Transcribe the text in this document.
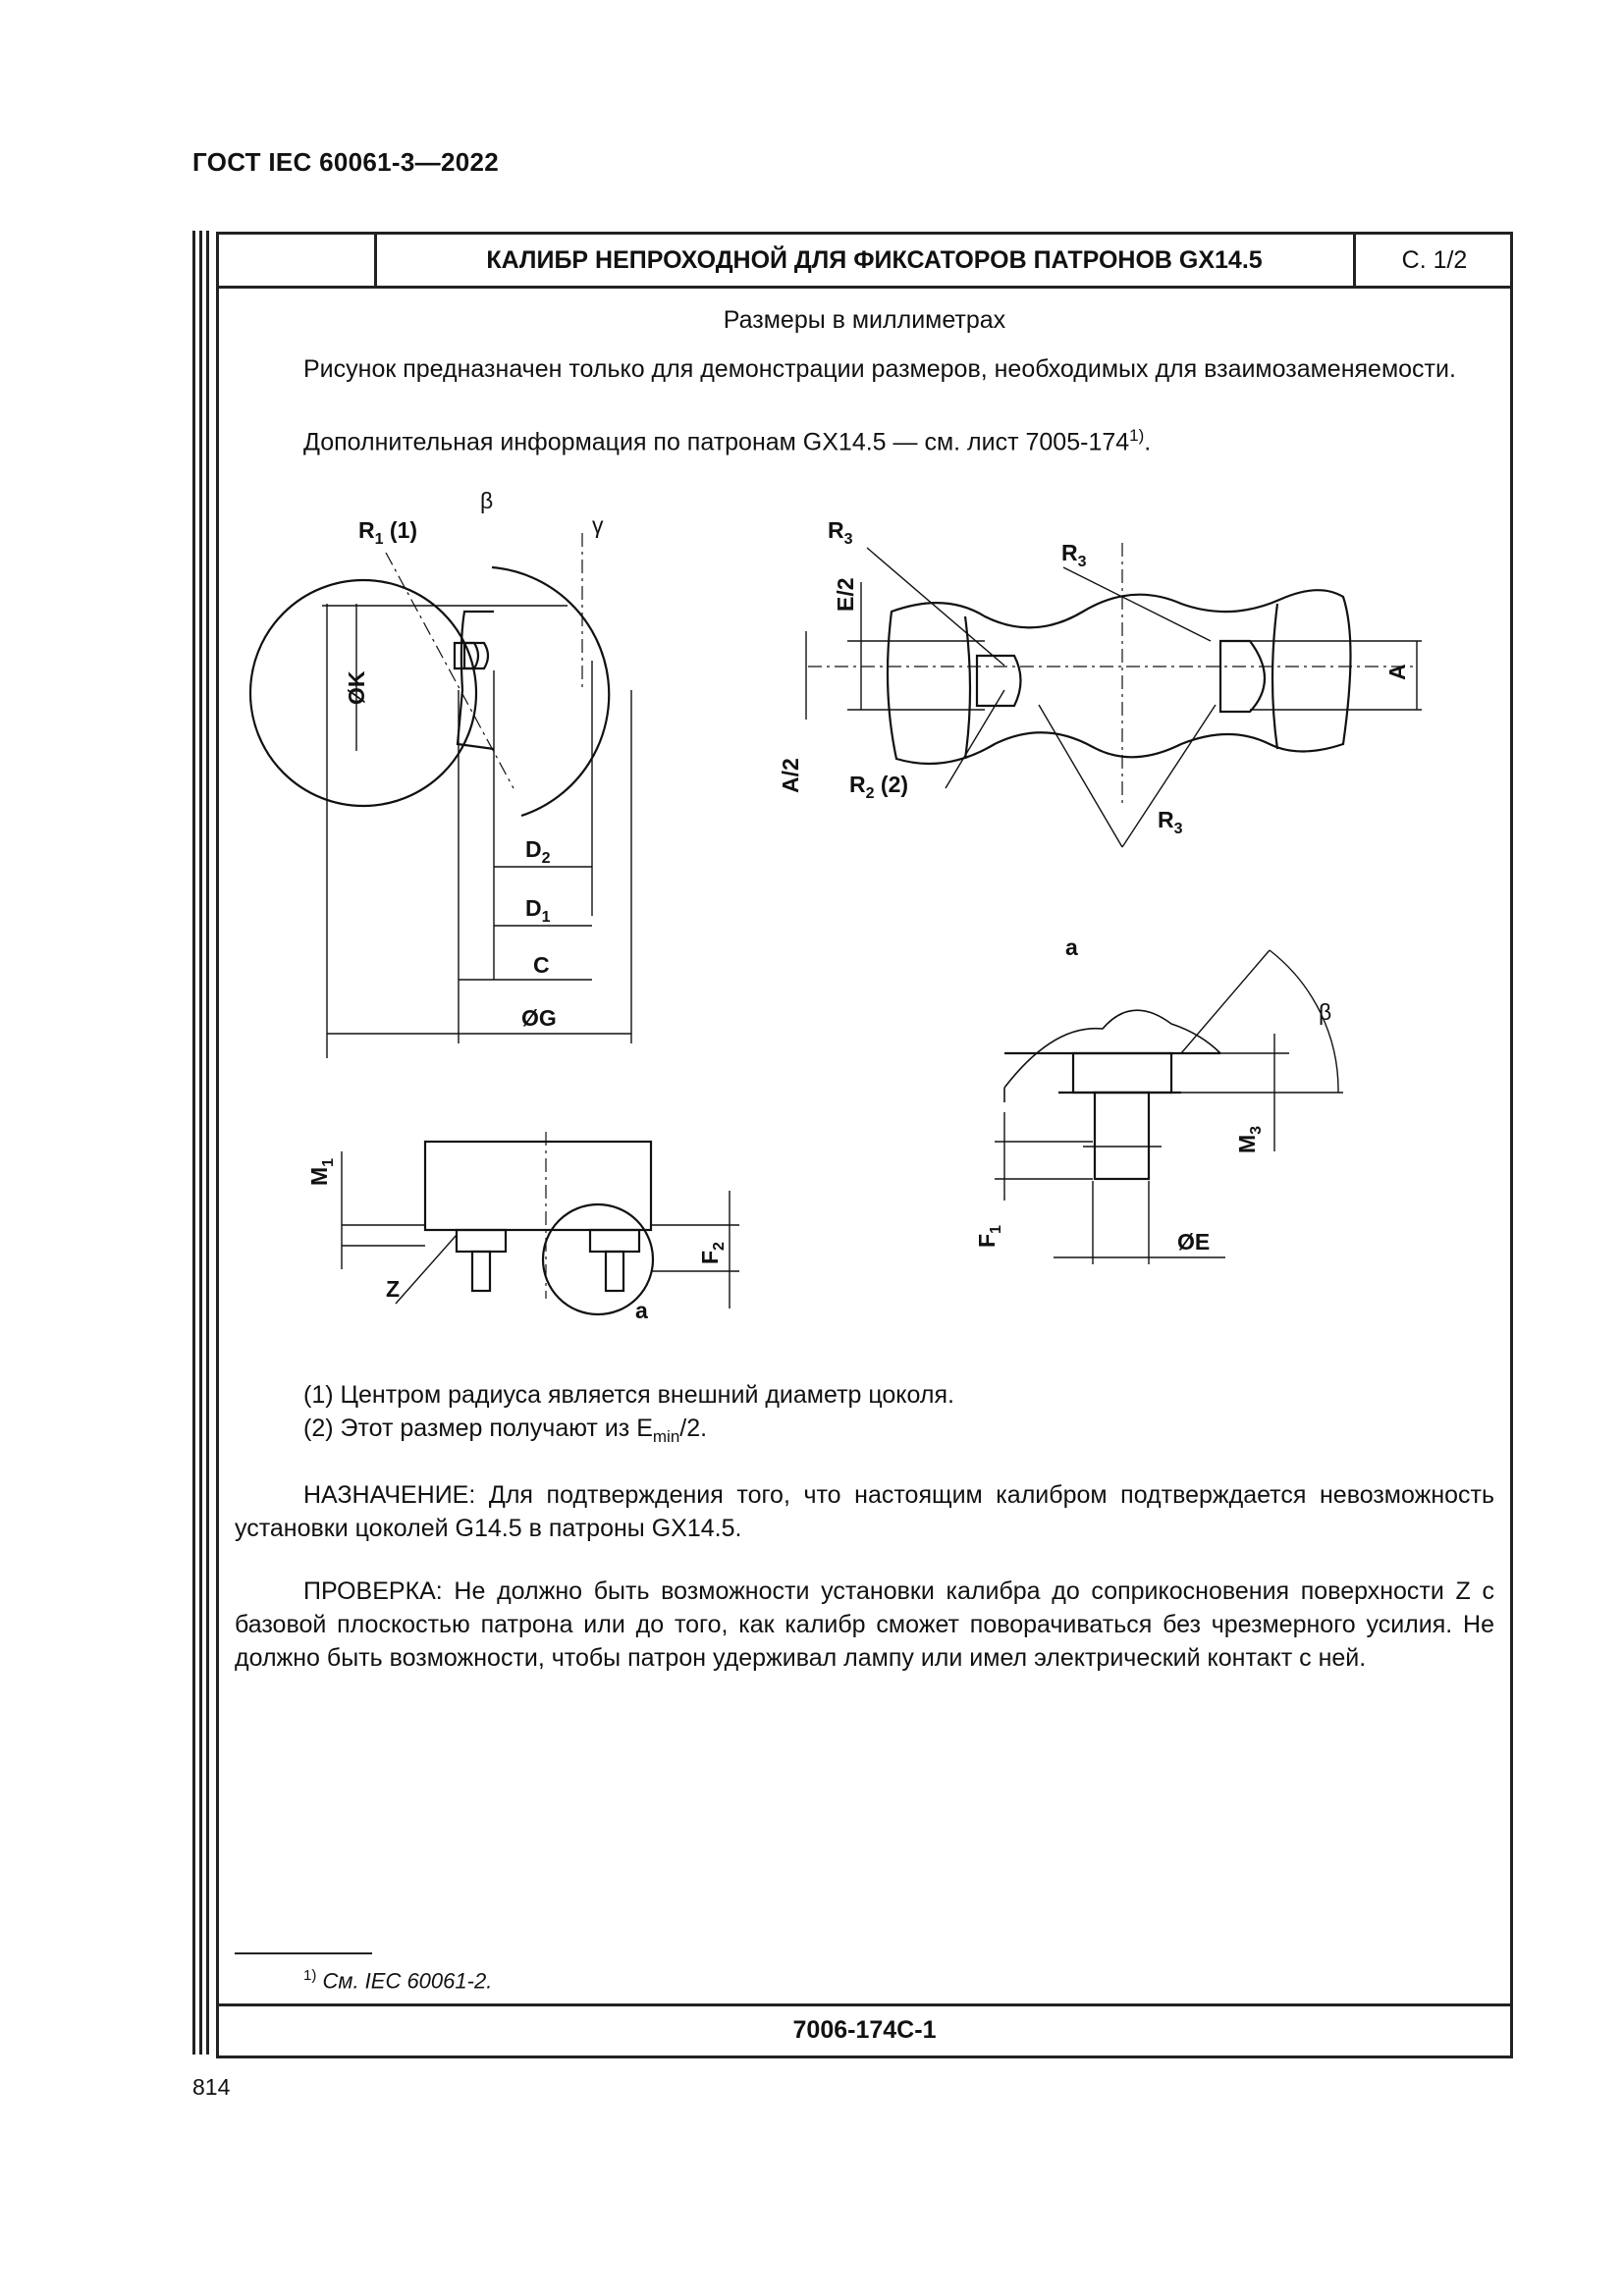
ГОСТ IEC 60061-3—2022
КАЛИБР НЕПРОХОДНОЙ ДЛЯ ФИКСАТОРОВ ПАТРОНОВ GX14.5	С. 1/2
Размеры в миллиметрах
Рисунок предназначен только для демонстрации размеров, необходимых для взаимозаменяемости.
Дополнительная информация по патронам GX14.5 — см. лист 7005-174$^{1)}$.
$R_1$ (1)
β
γ
ØK
$D_2$
$D_1$
C
ØG
$R_3$
$R_3$
E/2
A/2
A
$R_2$ (2)
$R_3$
a
β
$M_3$
$F_1$	ØE
$M_1$
Z
$F_2$
a
(1) Центром радиуса является внешний диаметр цоколя.
(2) Этот размер получают из $E_{min}/2$.
НАЗНАЧЕНИЕ: Для подтверждения того, что настоящим калибром подтверждается невозможность установки цоколей G14.5 в патроны GX14.5.
ПРОВЕРКА: Не должно быть возможности установки калибра до соприкосновения поверхности Z с базовой плоскостью патрона или до того, как калибр сможет поворачиваться без чрезмерного усилия. Не должно быть возможности, чтобы патрон удерживал лампу или имел электрический контакт с ней.
$^{1)}$ См. IEC 60061-2.
7006-174C-1
814
